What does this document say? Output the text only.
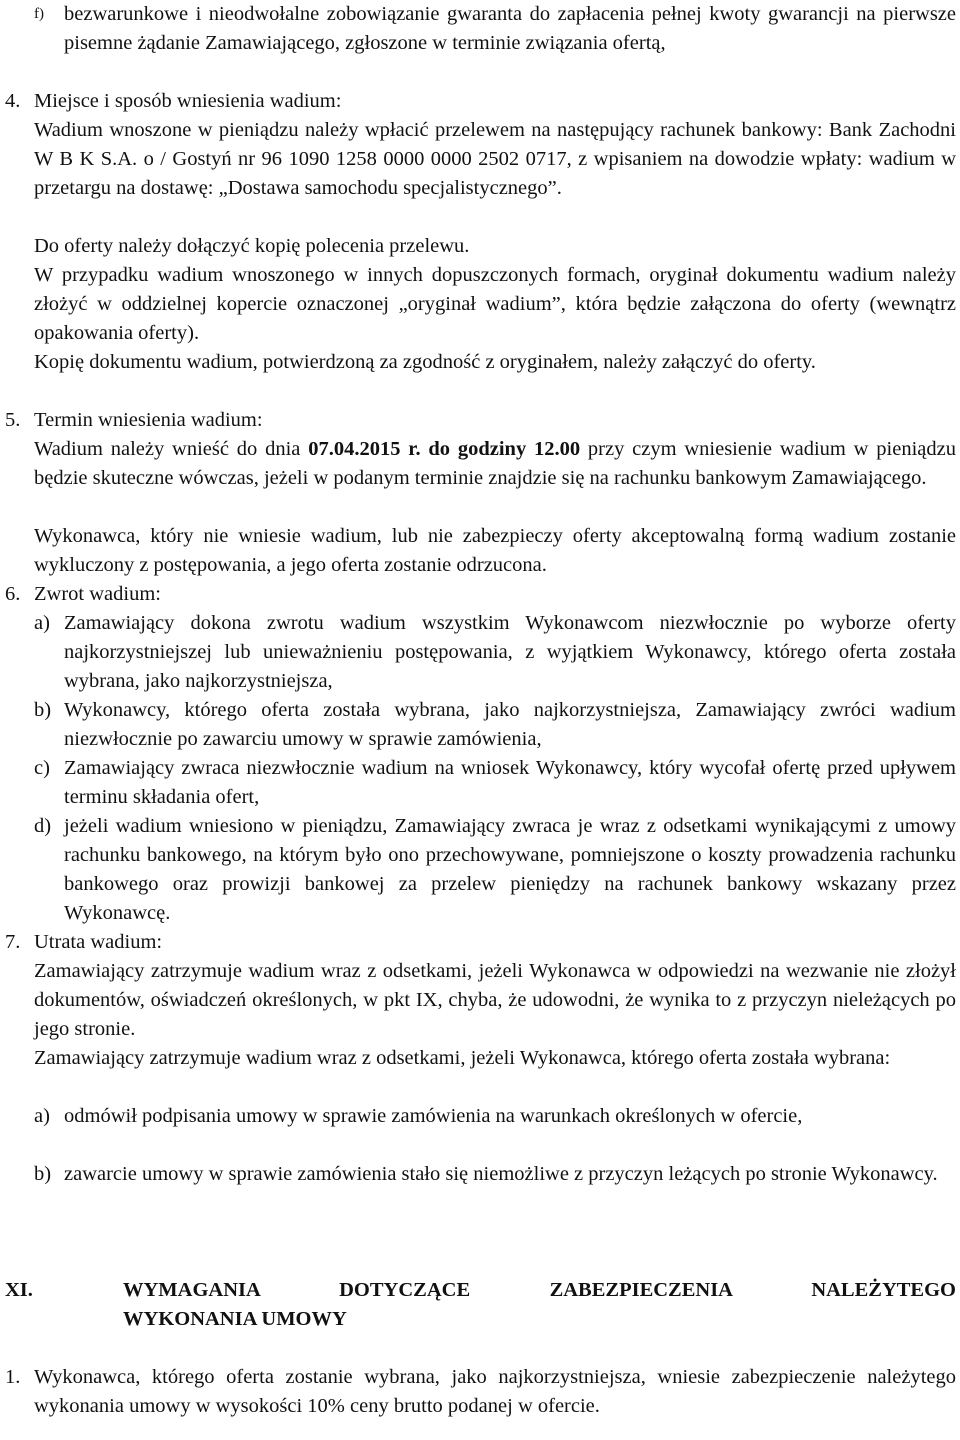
f) bezwarunkowe i nieodwołalne zobowiązanie gwaranta do zapłacenia pełnej kwoty gwarancji na pierwsze pisemne żądanie Zamawiającego, zgłoszone w terminie związania ofertą,

4. Miejsce i sposób wniesienia wadium:

Wadium wnoszone w pieniądzu należy wpłacić przelewem na następujący rachunek bankowy: Bank Zachodni W B K S.A. o / Gostyń nr 96 1090 1258 0000 0000 2502 0717, z wpisaniem na dowodzie wpłaty: wadium w przetargu na dostawę: „Dostawa samochodu specjalistycznego”.

Do oferty należy dołączyć kopię polecenia przelewu.

W przypadku wadium wnoszonego w innych dopuszczonych formach, oryginał dokumentu wadium należy złożyć w oddzielnej kopercie oznaczonej „oryginał wadium”, która będzie załączona do oferty (wewnątrz opakowania oferty).

Kopię dokumentu wadium, potwierdzoną za zgodność z oryginałem, należy załączyć do oferty.

5. Termin wniesienia wadium:

Wadium należy wnieść do dnia 07.04.2015 r. do godziny 12.00 przy czym wniesienie wadium w pieniądzu będzie skuteczne wówczas, jeżeli w podanym terminie znajdzie się na rachunku bankowym Zamawiającego.

Wykonawca, który nie wniesie wadium, lub nie zabezpieczy oferty akceptowalną formą wadium zostanie wykluczony z postępowania, a jego oferta zostanie odrzucona.

6. Zwrot wadium:

a) Zamawiający dokona zwrotu wadium wszystkim Wykonawcom niezwłocznie po wyborze oferty najkorzystniejszej lub unieważnieniu postępowania, z wyjątkiem Wykonawcy, którego oferta została wybrana, jako najkorzystniejsza,

b) Wykonawcy, którego oferta została wybrana, jako najkorzystniejsza, Zamawiający zwróci wadium niezwłocznie po zawarciu umowy w sprawie zamówienia,

c) Zamawiający zwraca niezwłocznie wadium na wniosek Wykonawcy, który wycofał ofertę przed upływem terminu składania ofert,

d) jeżeli wadium wniesiono w pieniądzu, Zamawiający zwraca je wraz z odsetkami wynikającymi z umowy rachunku bankowego, na którym było ono przechowywane, pomniejszone o koszty prowadzenia rachunku bankowego oraz prowizji bankowej za przelew pieniędzy na rachunek bankowy wskazany przez Wykonawcę.

7. Utrata wadium:

Zamawiający zatrzymuje wadium wraz z odsetkami, jeżeli Wykonawca w odpowiedzi na wezwanie nie złożył dokumentów, oświadczeń określonych, w pkt IX, chyba, że udowodni, że wynika to z przyczyn nieleżących po jego stronie.

Zamawiający zatrzymuje wadium wraz z odsetkami, jeżeli Wykonawca, którego oferta została wybrana:

a) odmówił podpisania umowy w sprawie zamówienia na warunkach określonych w ofercie,

b) zawarcie umowy w sprawie zamówienia stało się niemożliwe z przyczyn leżących po stronie Wykonawcy.

XI.	WYMAGANIA DOTYCZĄCE ZABEZPIECZENIA NALEŻYTEGO

WYKONANIA UMOWY

1. Wykonawca, którego oferta zostanie wybrana, jako najkorzystniejsza, wniesie zabezpieczenie należytego wykonania umowy w wysokości 10% ceny brutto podanej w ofercie.
